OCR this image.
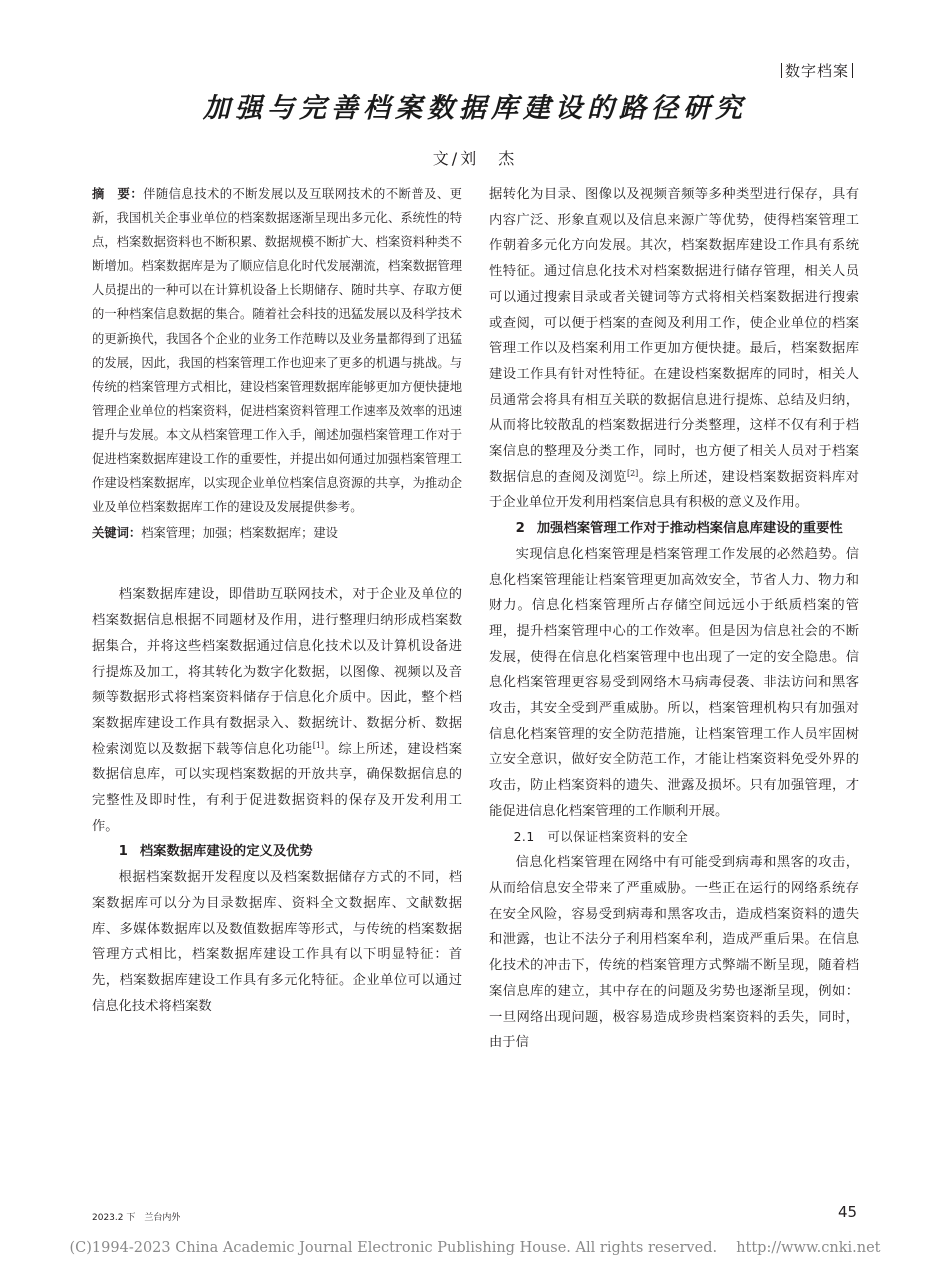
数字档案
加强与完善档案数据库建设的路径研究
文/刘　杰

摘　要：伴随信息技术的不断发展以及互联网技术的不断普及、更新，我国机关企事业单位的档案数据逐渐呈现出多元化、系统性的特点，档案数据资料也不断积累、数据规模不断扩大、档案资料种类不断增加。档案数据库是为了顺应信息化时代发展潮流，档案数据管理人员提出的一种可以在计算机设备上长期储存、随时共享、存取方便的一种档案信息数据的集合。随着社会科技的迅猛发展以及科学技术的更新换代，我国各个企业的业务工作范畴以及业务量都得到了迅猛的发展，因此，我国的档案管理工作也迎来了更多的机遇与挑战。与传统的档案管理方式相比，建设档案管理数据库能够更加方便快捷地管理企业单位的档案资料，促进档案资料管理工作速率及效率的迅速提升与发展。本文从档案管理工作入手，阐述加强档案管理工作对于促进档案数据库建设工作的重要性，并提出如何通过加强档案管理工作建设档案数据库，以实现企业单位档案信息资源的共享，为推动企业及单位档案数据库工作的建设及发展提供参考。

关键词：档案管理；加强；档案数据库；建设

档案数据库建设，即借助互联网技术，对于企业及单位的档案数据信息根据不同题材及作用，进行整理归纳形成档案数据集合，并将这些档案数据通过信息化技术以及计算机设备进行提炼及加工，将其转化为数字化数据，以图像、视频以及音频等数据形式将档案资料储存于信息化介质中。因此，整个档案数据库建设工作具有数据录入、数据统计、数据分析、数据检索浏览以及数据下载等信息化功能[1]。综上所述，建设档案数据信息库，可以实现档案数据的开放共享，确保数据信息的完整性及即时性，有利于促进数据资料的保存及开发利用工作。

1 档案数据库建设的定义及优势

根据档案数据开发程度以及档案数据储存方式的不同，档案数据库可以分为目录数据库、资料全文数据库、文献数据库、多媒体数据库以及数值数据库等形式，与传统的档案数据管理方式相比，档案数据库建设工作具有以下明显特征：首先，档案数据库建设工作具有多元化特征。企业单位可以通过信息化技术将档案数

据转化为目录、图像以及视频音频等多种类型进行保存，具有内容广泛、形象直观以及信息来源广等优势，使得档案管理工作朝着多元化方向发展。其次，档案数据库建设工作具有系统性特征。通过信息化技术对档案数据进行储存管理，相关人员可以通过搜索目录或者关键词等方式将相关档案数据进行搜索或查阅，可以便于档案的查阅及利用工作，使企业单位的档案管理工作以及档案利用工作更加方便快捷。最后，档案数据库建设工作具有针对性特征。在建设档案数据库的同时，相关人员通常会将具有相互关联的数据信息进行提炼、总结及归纳，从而将比较散乱的档案数据进行分类整理，这样不仅有利于档案信息的整理及分类工作，同时，也方便了相关人员对于档案数据信息的查阅及浏览[2]。综上所述，建设档案数据资料库对于企业单位开发利用档案信息具有积极的意义及作用。

2 加强档案管理工作对于推动档案信息库建设的重要性

实现信息化档案管理是档案管理工作发展的必然趋势。信息化档案管理能让档案管理更加高效安全，节省人力、物力和财力。信息化档案管理所占存储空间远远小于纸质档案的管理，提升档案管理中心的工作效率。但是因为信息社会的不断发展，使得在信息化档案管理中也出现了一定的安全隐患。信息化档案管理更容易受到网络木马病毒侵袭、非法访问和黑客攻击，其安全受到严重威胁。所以，档案管理机构只有加强对信息化档案管理的安全防范措施，让档案管理工作人员牢固树立安全意识，做好安全防范工作，才能让档案资料免受外界的攻击，防止档案资料的遗失、泄露及损坏。只有加强管理，才能促进信息化档案管理的工作顺利开展。

2.1　可以保证档案资料的安全

信息化档案管理在网络中有可能受到病毒和黑客的攻击，从而给信息安全带来了严重威胁。一些正在运行的网络系统存在安全风险，容易受到病毒和黑客攻击，造成档案资料的遗失和泄露，也让不法分子利用档案牟利，造成严重后果。在信息化技术的冲击下，传统的档案管理方式弊端不断呈现，随着档案信息库的建立，其中存在的问题及劣势也逐渐呈现，例如：一旦网络出现问题，极容易造成珍贵档案资料的丢失，同时，由于信

2023.2 下　兰台内外	45
(C)1994-2023 China Academic Journal Electronic Publishing House. All rights reserved.　 http://www.cnki.net
